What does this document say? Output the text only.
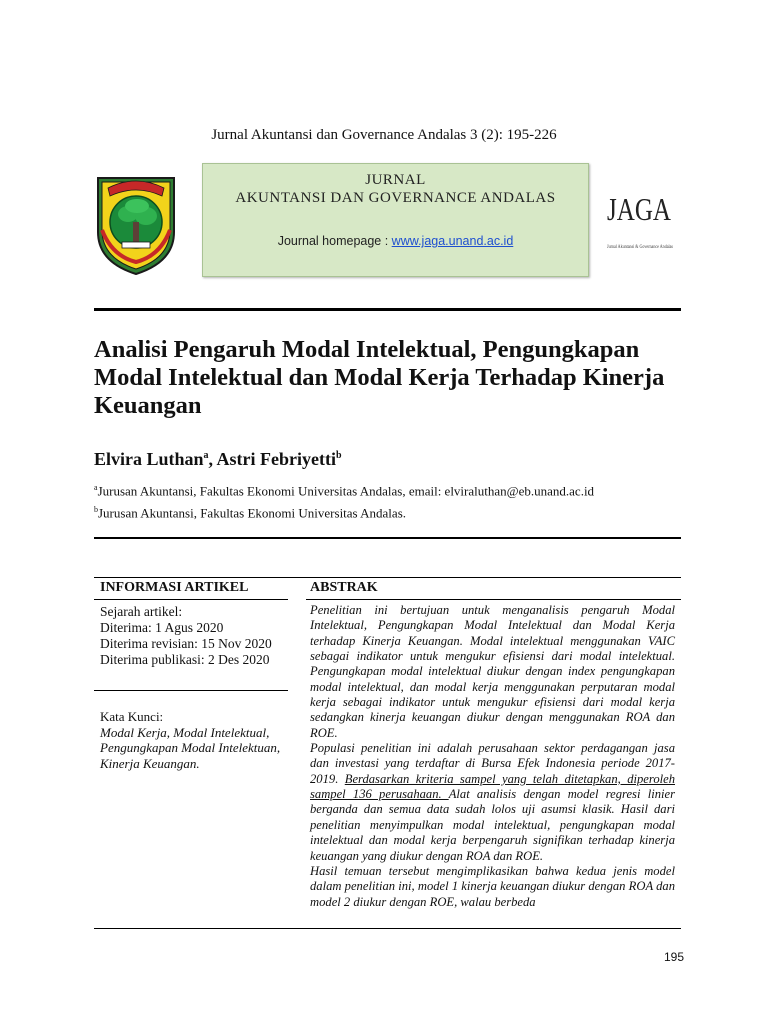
Jurnal Akuntansi dan Governance Andalas 3 (2): 195-226
JURNAL
AKUNTANSI DAN GOVERNANCE ANDALAS
Journal homepage : www.jaga.unand.ac.id
JAGA
Jurnal Akuntansi & Governance Andalas
Analisi Pengaruh Modal Intelektual, Pengungkapan Modal Intelektual dan Modal Kerja Terhadap Kinerja Keuangan
Elvira Luthan$^a$, Astri Febriyetti$^b$
$^a$Jurusan Akuntansi, Fakultas Ekonomi Universitas Andalas, email: elviraluthan@eb.unand.ac.id
$^b$Jurusan Akuntansi, Fakultas Ekonomi Universitas Andalas.
INFORMASI ARTIKEL	ABSTRAK
Sejarah artikel:
Diterima: 1 Agus 2020
Diterima revisian: 15 Nov 2020
Diterima publikasi: 2 Des 2020
Kata Kunci:
Modal Kerja, Modal Intelektual, Pengungkapan Modal Intelektuan, Kinerja Keuangan.

Penelitian ini bertujuan untuk menganalisis pengaruh Modal Intelektual, Pengungkapan Modal Intelektual dan Modal Kerja terhadap Kinerja Keuangan. Modal intelektual menggunakan VAIC sebagai indikator untuk mengukur efisiensi dari modal intelektual. Pengungkapan modal intelektual diukur dengan index pengungkapan modal intelektual, dan modal kerja menggunakan perputaran modal kerja sebagai indikator untuk mengukur efisiensi dari modal kerja sedangkan kinerja keuangan diukur dengan menggunakan ROA dan ROE.

Populasi penelitian ini adalah perusahaan sektor perdagangan jasa dan investasi yang terdaftar di Bursa Efek Indonesia periode 2017-2019. Berdasarkan kriteria sampel yang telah ditetapkan, diperoleh sampel 136 perusahaan. Alat analisis dengan model regresi linier berganda dan semua data sudah lolos uji asumsi klasik. Hasil dari penelitian menyimpulkan modal intelektual, pengungkapan modal intelektual dan modal kerja berpengaruh signifikan terhadap kinerja keuangan yang diukur dengan ROA dan ROE.

Hasil temuan tersebut mengimplikasikan bahwa kedua jenis model dalam penelitian ini, model 1 kinerja keuangan diukur dengan ROA dan model 2 diukur dengan ROE, walau berbeda

195
